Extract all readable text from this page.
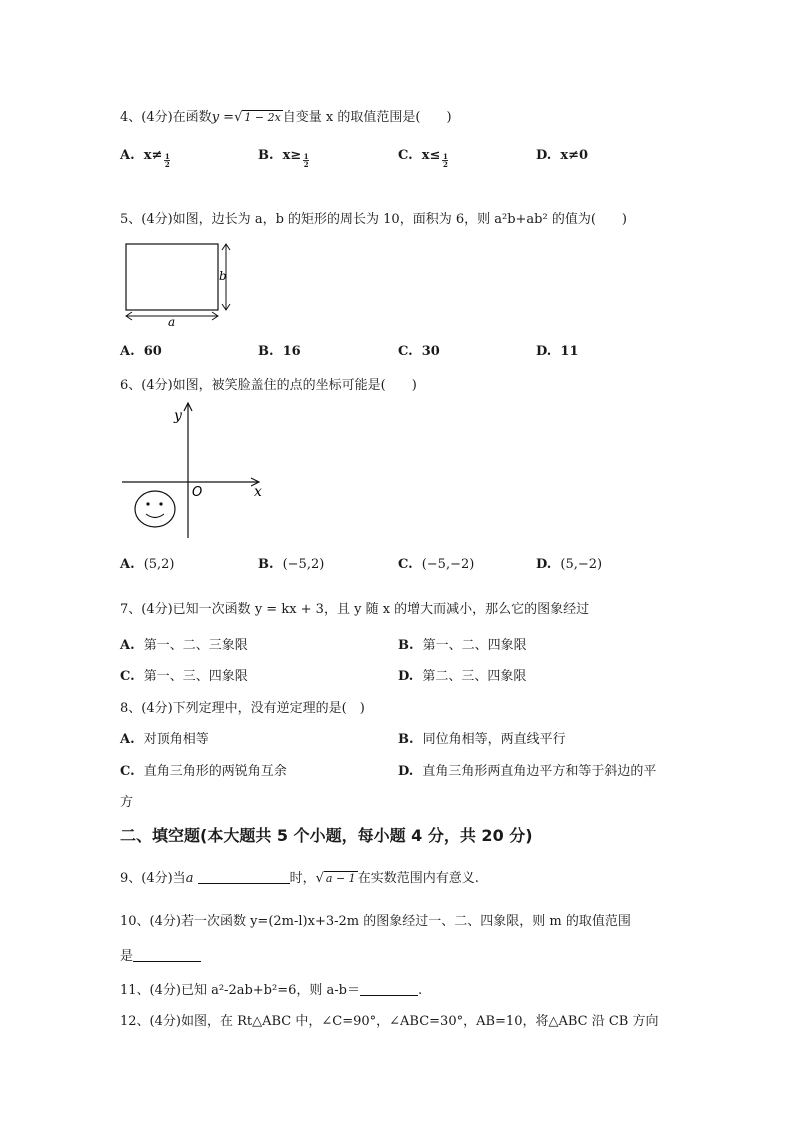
4、(4分)在函数y =√ 1 − 2x 自变量 x 的取值范围是(　　)
A. $x\ne \frac{1}{2}$	B. $x\ge \frac{1}{2}$	C. $x\le \frac{1}{2}$	D. x≠0
5、(4分)如图，边长为 a，b 的矩形的周长为 10，面积为 6，则 a²b+ab² 的值为(　　)
b
a
A. 60	B. 16	C. 30	D. 11
6、(4分)如图，被笑脸盖住的点的坐标可能是(　　)
y
x
O
A. (5,2)	B. (−5,2)	C. (−5,−2)	D. (5,−2)
7、(4分)已知一次函数 y = kx + 3，且 y 随 x 的增大而减小，那么它的图象经过
A. 第一、二、三象限	B. 第一、二、四象限
C. 第一、三、四象限	D. 第二、三、四象限
8、(4分)下列定理中，没有逆定理的是(　)
A. 对顶角相等	B. 同位角相等，两直线平行
C. 直角三角形的两锐角互余	D. 直角三角形两直角边平方和等于斜边的平
方
二、填空题(本大题共 5 个小题，每小题 4 分，共 20 分)
9、(4分)当a	时，√ a − 1 在实数范围内有意义.
10、(4分)若一次函数 y=(2m-l)x+3-2m 的图象经过一、二、四象限，则 m 的取值范围
是
11、(4分)已知 a²-2ab+b²=6，则 a-b＝	.
12、(4分)如图，在 Rt△ABC 中，∠C=90°，∠ABC=30°，AB=10，将△ABC 沿 CB 方向
